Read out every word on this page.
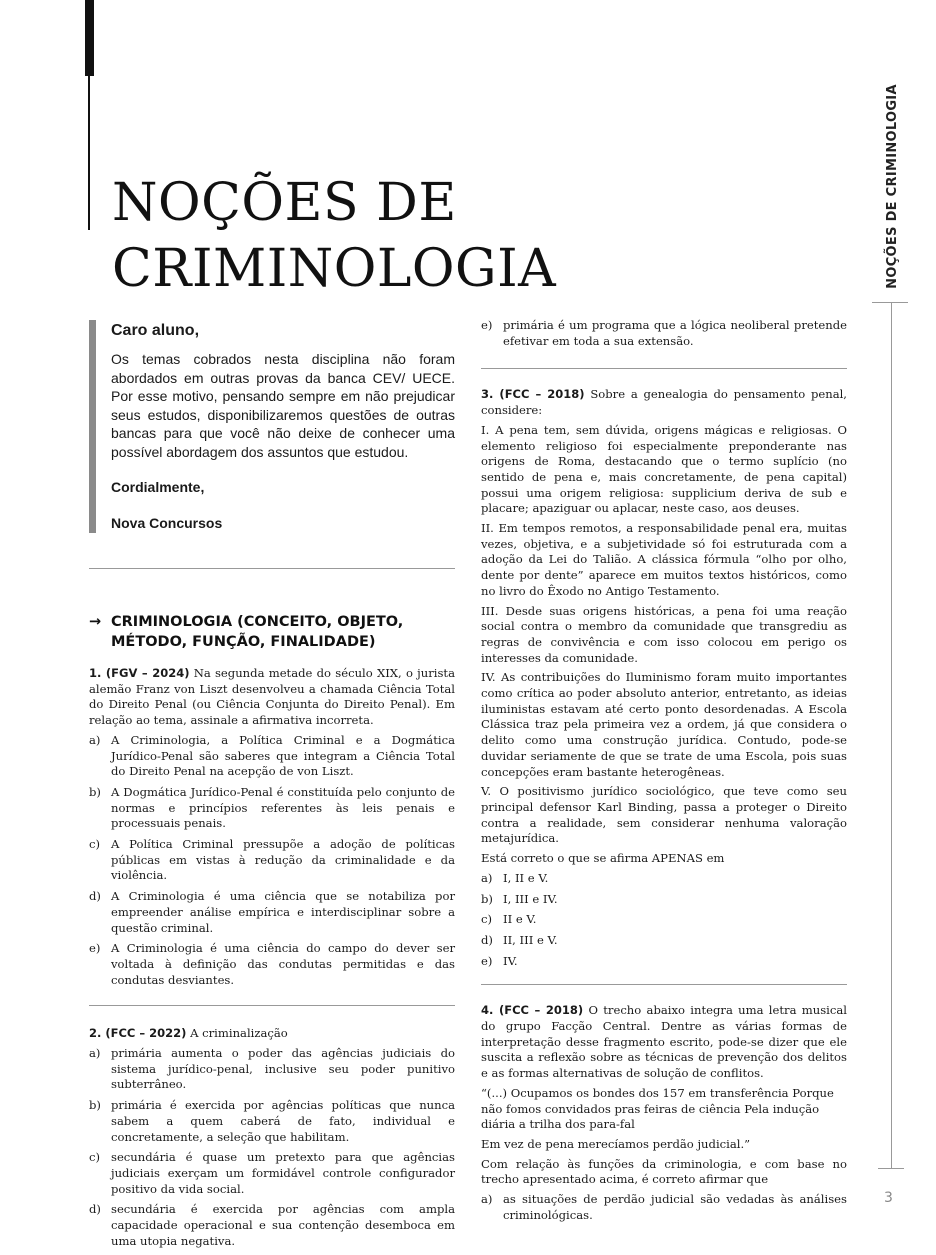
NOÇÕES DE
CRIMINOLOGIA	NOÇÕES DE CRIMINOLOGIA
3

Caro aluno,

Os temas cobrados nesta disciplina não foram abordados em outras provas da banca CEV/ UECE. Por esse motivo, pensando sempre em não prejudicar seus estudos, disponibilizaremos questões de outras bancas para que você não deixe de conhecer uma possível abordagem dos assuntos que estudou.

Cordialmente,

Nova Concursos

→ CRIMINOLOGIA (CONCEITO, OBJETO, MÉTODO, FUNÇÃO, FINALIDADE)

1. (FGV – 2024) Na segunda metade do século XIX, o jurista alemão Franz von Liszt desenvolveu a chamada Ciência Total do Direito Penal (ou Ciência Conjunta do Direito Penal). Em relação ao tema, assinale a afirmativa incorreta.

a) A Criminologia, a Política Criminal e a Dogmática Jurídico-Penal são saberes que integram a Ciência Total do Direito Penal na acepção de von Liszt.
b) A Dogmática Jurídico-Penal é constituída pelo conjunto de normas e princípios referentes às leis penais e processuais penais.
c) A Política Criminal pressupõe a adoção de políticas públicas em vistas à redução da criminalidade e da violência.
d) A Criminologia é uma ciência que se notabiliza por empreender análise empírica e interdisciplinar sobre a questão criminal.
e) A Criminologia é uma ciência do campo do dever ser voltada à definição das condutas permitidas e das condutas desviantes.

2. (FCC – 2022) A criminalização

a) primária aumenta o poder das agências judiciais do sistema jurídico-penal, inclusive seu poder punitivo subterrâneo.
b) primária é exercida por agências políticas que nunca sabem a quem caberá de fato, individual e concretamente, a seleção que habilitam.
c) secundária é quase um pretexto para que agências judiciais exerçam um formidável controle configurador positivo da vida social.
d) secundária é exercida por agências com ampla capacidade operacional e sua contenção desemboca em uma utopia negativa.
e) primária é um programa que a lógica neoliberal pretende efetivar em toda a sua extensão.

3. (FCC – 2018) Sobre a genealogia do pensamento penal, considere:

I. A pena tem, sem dúvida, origens mágicas e religiosas. O elemento religioso foi especialmente preponderante nas origens de Roma, destacando que o termo suplício (no sentido de pena e, mais concretamente, de pena capital) possui uma origem religiosa: supplicium deriva de sub e placare; apaziguar ou aplacar, neste caso, aos deuses.

II. Em tempos remotos, a responsabilidade penal era, muitas vezes, objetiva, e a subjetividade só foi estruturada com a adoção da Lei do Talião. A clássica fórmula “olho por olho, dente por dente” aparece em muitos textos históricos, como no livro do Êxodo no Antigo Testamento.

III. Desde suas origens históricas, a pena foi uma reação social contra o membro da comunidade que transgrediu as regras de convivência e com isso colocou em perigo os interesses da comunidade.

IV. As contribuições do Iluminismo foram muito importantes como crítica ao poder absoluto anterior, entretanto, as ideias iluministas estavam até certo ponto desordenadas. A Escola Clássica traz pela primeira vez a ordem, já que considera o delito como uma construção jurídica. Contudo, pode-se duvidar seriamente de que se trate de uma Escola, pois suas concepções eram bastante heterogêneas.

V. O positivismo jurídico sociológico, que teve como seu principal defensor Karl Binding, passa a proteger o Direito contra a realidade, sem considerar nenhuma valoração metajurídica.

Está correto o que se afirma APENAS em

a) I, II e V.
b) I, III e IV.
c) II e V.
d) II, III e V.
e) IV.

4. (FCC – 2018) O trecho abaixo integra uma letra musical do grupo Facção Central. Dentre as várias formas de interpretação desse fragmento escrito, pode-se dizer que ele suscita a reflexão sobre as técnicas de prevenção dos delitos e as formas alternativas de solução de conflitos.

“(...) Ocupamos os bondes dos 157 em transferência Porque não fomos convidados pras feiras de ciência Pela indução diária a trilha dos para-fal

Em vez de pena merecíamos perdão judicial.”

Com relação às funções da criminologia, e com base no trecho apresentado acima, é correto afirmar que

a) as situações de perdão judicial são vedadas às análises criminológicas.
